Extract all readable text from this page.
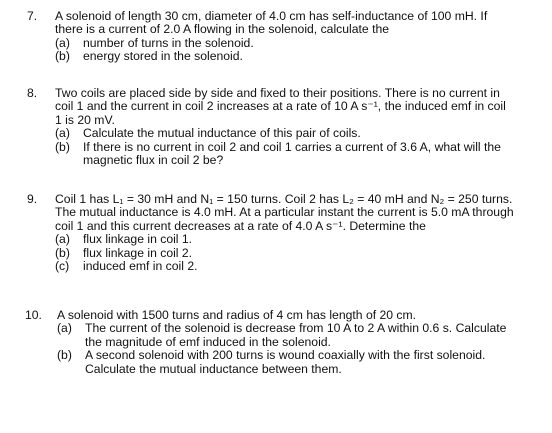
7. A solenoid of length 30 cm, diameter of 4.0 cm has self-inductance of 100 mH. If
there is a current of 2.0 A flowing in the solenoid, calculate the
(a)	number of turns in the solenoid.
(b)	energy stored in the solenoid.
8. Two coils are placed side by side and fixed to their positions. There is no current in
coil 1 and the current in coil 2 increases at a rate of 10 A s⁻¹, the induced emf in coil
1 is 20 mV.
(a)	Calculate the mutual inductance of this pair of coils.
(b)	If there is no current in coil 2 and coil 1 carries a current of 3.6 A, what will the
magnetic flux in coil 2 be?
9. Coil 1 has L₁ = 30 mH and N₁ = 150 turns. Coil 2 has L₂ = 40 mH and N₂ = 250 turns.
The mutual inductance is 4.0 mH. At a particular instant the current is 5.0 mA through
coil 1 and this current decreases at a rate of 4.0 A s⁻¹. Determine the
(a)	flux linkage in coil 1.
(b)	flux linkage in coil 2.
(c)	induced emf in coil 2.
10. A solenoid with 1500 turns and radius of 4 cm has length of 20 cm.
(a)	The current of the solenoid is decrease from 10 A to 2 A within 0.6 s. Calculate
the magnitude of emf induced in the solenoid.
(b)	A second solenoid with 200 turns is wound coaxially with the first solenoid.
Calculate the mutual inductance between them.
